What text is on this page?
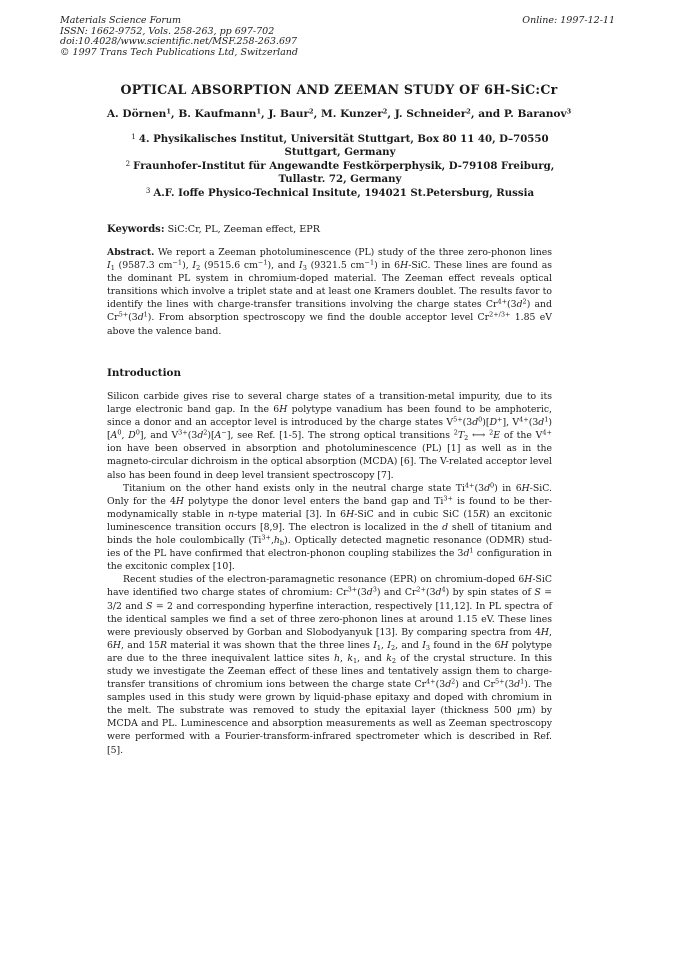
Materials Science Forum
ISSN: 1662-9752, Vols. 258-263, pp 697-702
doi:10.4028/www.scientific.net/MSF.258-263.697
© 1997 Trans Tech Publications Ltd, Switzerland
Online: 1997-12-11
OPTICAL ABSORPTION AND ZEEMAN STUDY OF 6H-SiC:Cr
A. Dörnen$^1$, B. Kaufmann$^1$, J. Baur$^2$, M. Kunzer$^2$, J. Schneider$^2$, and P. Baranov$^3$
$^1$ 4. Physikalisches Institut, Universität Stuttgart, Box 80 11 40, D–70550
Stuttgart, Germany
$^2$ Fraunhofer-Institut für Angewandte Festkörperphysik, D-79108 Freiburg,
Tullastr. 72, Germany
$^3$ A.F. Ioffe Physico-Technical Insitute, 194021 St.Petersburg, Russia
Keywords: SiC:Cr, PL, Zeeman effect, EPR
Abstract. We report a Zeeman photoluminescence (PL) study of the three zero-phonon lines $I_1$ (9587.3 $cm^{-1}$), $I_2$ (9515.6 $cm^{-1}$), and $I_3$ (9321.5 $cm^{-1}$) in 6H-SiC. These lines are found as the dominant PL system in chromium-doped material. The Zeeman effect reveals optical transitions which involve a triplet state and at least one Kramers doublet. The results favor to identify the lines with charge-transfer transitions involving the charge states $Cr^{4+}(3d^2)$ and $Cr^{5+}(3d^1)$. From absorption spectroscopy we find the double acceptor level $Cr^{2+/3+}$ 1.85 eV above the valence band.
Introduction
Silicon carbide gives rise to several charge states of a transition-metal impurity, due to its large electronic band gap. In the 6H polytype vanadium has been found to be amphoteric, since a donor and an acceptor level is introduced by the charge states $V^{5+}(3d^0)[D^+]$, $V^{4+}(3d^1)[A^0$, $D^0$], and $V^{3+}(3d^2)[A^-]$, see Ref. [1-5]. The strong optical transitions $^2T_2$ ⟷ $^2$E of the $V^{4+}$ ion have been observed in absorption and photoluminescence (PL) [1] as well as in the magneto-circular dichroism in the optical absorption (MCDA) [6]. The V-related acceptor level also has been found in deep level transient spectroscopy [7].
Titanium on the other hand exists only in the neutral charge state $Ti^{4+}(3d^0)$ in 6H-SiC. Only for the 4H polytype the donor level enters the band gap and $Ti^{3+}$ is found to be ther- modynamically stable in n-type material [3]. In 6H-SiC and in cubic SiC (15R) an excitonic luminescence transition occurs [8,9]. The electron is localized in the d shell of titanium and binds the hole coulombically $(Ti^{3+},h_b)$. Optically detected magnetic resonance (ODMR) stud- ies of the PL have confirmed that electron-phonon coupling stabilizes the $3d^1$ configuration in the excitonic complex [10].
Recent studies of the electron-paramagnetic resonance (EPR) on chromium-doped 6H-SiC have identified two charge states of chromium: $Cr^{3+}(3d^3)$ and $Cr^{2+}(3d^4)$ by spin states of S = 3/2 and S = 2 and corresponding hyperfine interaction, respectively [11,12]. In PL spectra of the identical samples we find a set of three zero-phonon lines at around 1.15 eV. These lines were previously observed by Gorban and Slobodyanyuk [13]. By comparing spectra from 4H, 6H, and 15R material it was shown that the three lines $I_1$, $I_2$, and $I_3$ found in the 6H polytype are due to the three inequivalent lattice sites h, $k_1$, and $k_2$ of the crystal structure. In this study we investigate the Zeeman effect of these lines and tentatively assign them to charge-transfer transitions of chromium ions between the charge state $Cr^{4+}(3d^2)$ and $Cr^{5+}(3d^1)$. The samples used in this study were grown by liquid-phase epitaxy and doped with chromium in the melt. The substrate was removed to study the epitaxial layer (thickness 500 μm) by MCDA and PL. Luminescence and absorption measurements as well as Zeeman spectroscopy were performed with a Fourier-transform-infrared spectrometer which is described in Ref. [5].
